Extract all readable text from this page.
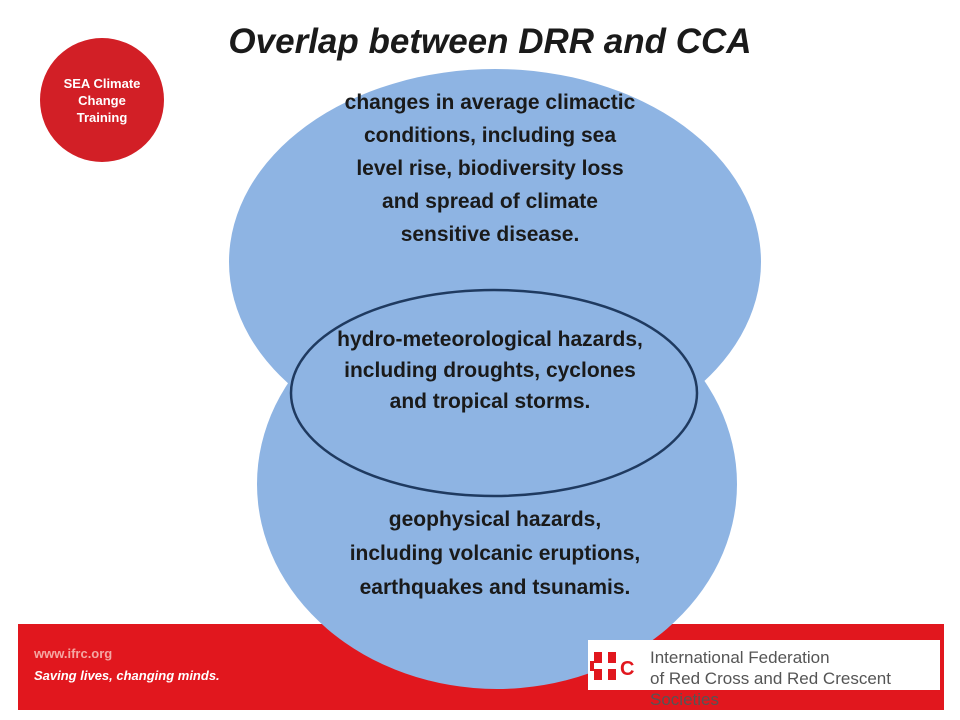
Overlap between DRR and CCA
SEA Climate Change Training

changes in average climactic conditions, including sea level rise, biodiversity loss and spread of climate sensitive disease.

hydro-meteorological hazards, including droughts, cyclones and tropical storms.

geophysical hazards, including volcanic eruptions, earthquakes and tsunamis.

www.ifrc.org
Saving lives, changing minds.	C
International Federation
of Red Cross and Red Crescent Societies
